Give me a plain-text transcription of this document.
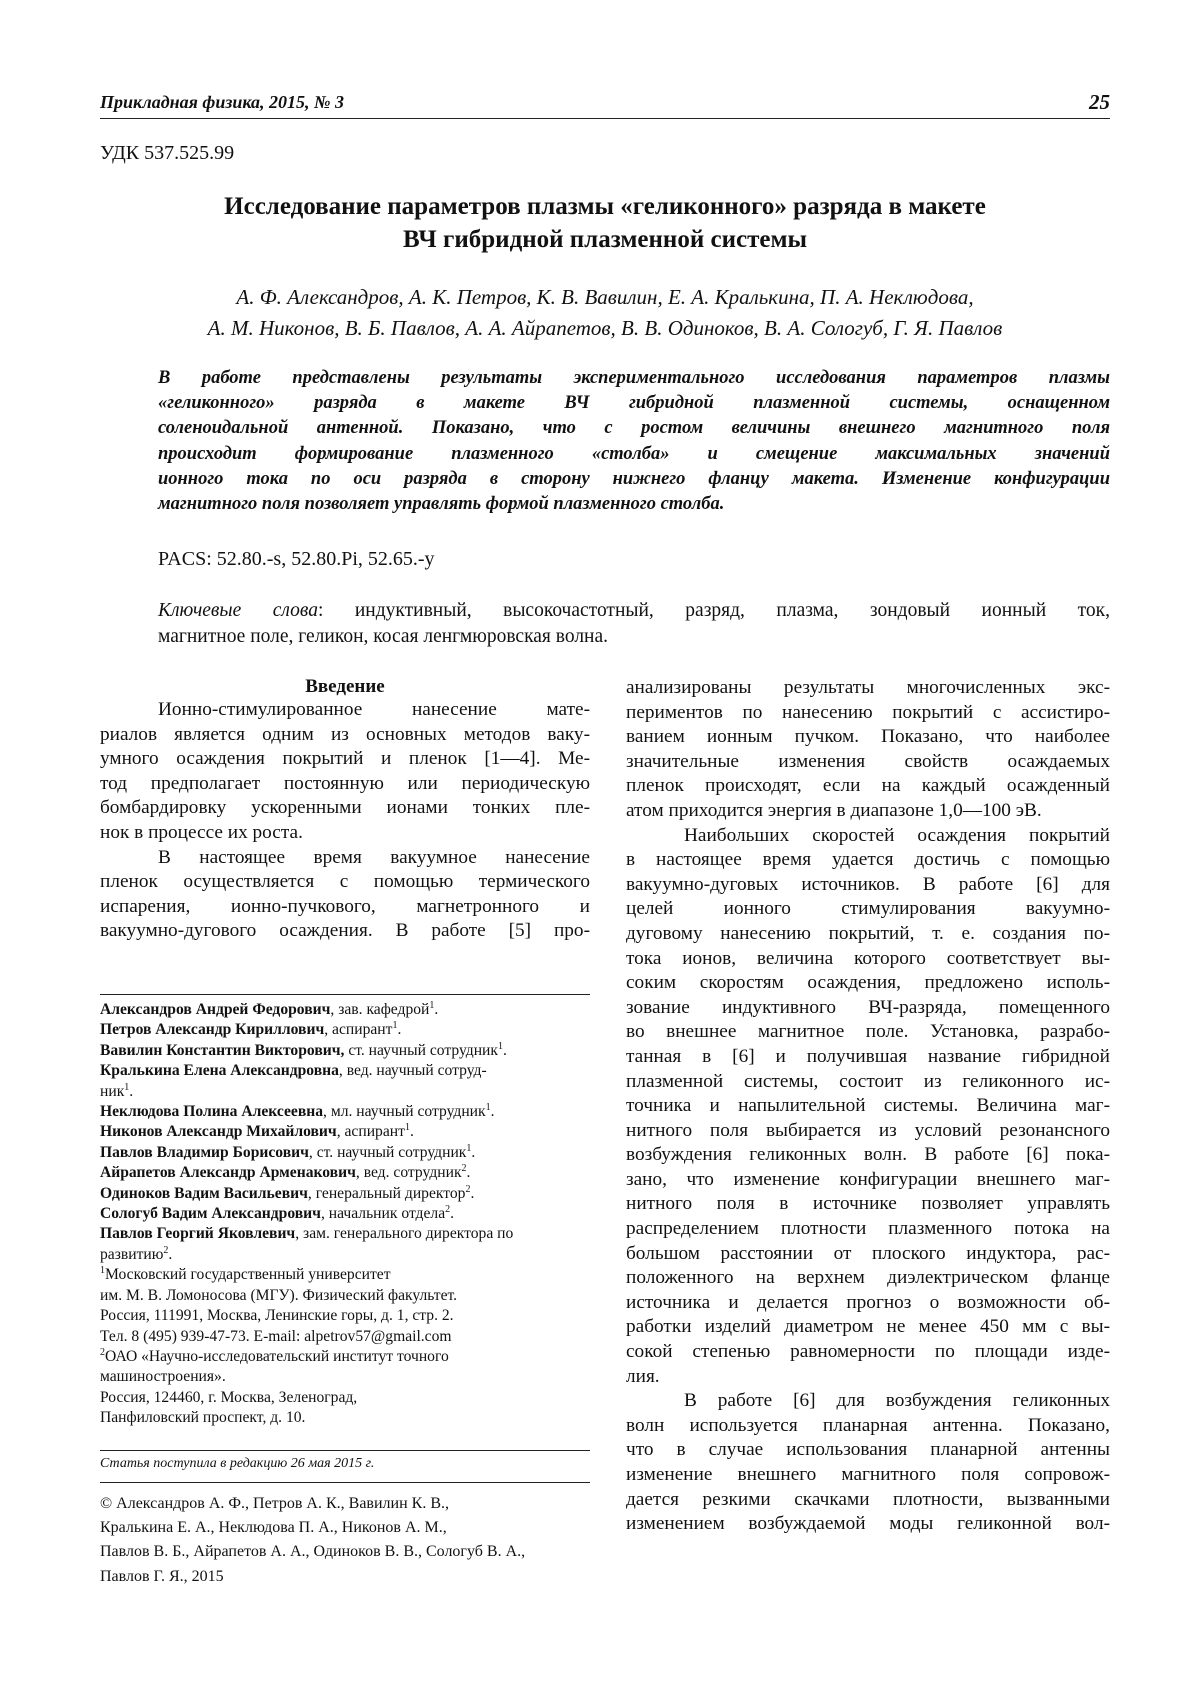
Прикладная физика, 2015, № 3	25
УДК 537.525.99
Исследование параметров плазмы «геликонного» разряда в макете
ВЧ гибридной плазменной системы
А. Ф. Александров, А. К. Петров, К. В. Вавилин, Е. А. Кралькина, П. А. Неклюдова,
А. М. Никонов, В. Б. Павлов, А. А. Айрапетов, В. В. Одиноков, В. А. Сологуб, Г. Я. Павлов
В работе представлены результаты экспериментального исследования параметров плазмы
«геликонного» разряда в макете ВЧ гибридной плазменной системы, оснащенном
соленоидальной антенной. Показано, что с ростом величины внешнего магнитного поля
происходит формирование плазменного «столба» и смещение максимальных значений
ионного тока по оси разряда в сторону нижнего фланцу макета. Изменение конфигурации
магнитного поля позволяет управлять формой плазменного столба.
PACS: 52.80.-s, 52.80.Pi, 52.65.-y
Ключевые слова: индуктивный, высокочастотный, разряд, плазма, зондовый ионный ток,
магнитное поле, геликон, косая ленгмюровская волна.
Введение
Ионно-стимулированное нанесение мате-
риалов является одним из основных методов ваку-
умного осаждения покрытий и пленок [1—4]. Ме-
тод предполагает постоянную или периодическую
бомбардировку ускоренными ионами тонких пле-
нок в процессе их роста.
В настоящее время вакуумное нанесение
пленок осуществляется с помощью термического
испарения, ионно-пучкового, магнетронного и
вакуумно-дугового осаждения. В работе [5] про-
анализированы результаты многочисленных экс-
периментов по нанесению покрытий с ассистиро-
ванием ионным пучком. Показано, что наиболее
значительные изменения свойств осаждаемых
пленок происходят, если на каждый осажденный
атом приходится энергия в диапазоне 1,0—100 эВ.
Наибольших скоростей осаждения покрытий
в настоящее время удается достичь с помощью
вакуумно-дуговых источников. В работе [6] для
целей ионного стимулирования вакуумно-
дуговому нанесению покрытий, т. е. создания по-
тока ионов, величина которого соответствует вы-
соким скоростям осаждения, предложено исполь-
зование индуктивного ВЧ-разряда, помещенного
во внешнее магнитное поле. Установка, разрабо-
танная в [6] и получившая название гибридной
плазменной системы, состоит из геликонного ис-
точника и напылительной системы. Величина маг-
нитного поля выбирается из условий резонансного
возбуждения геликонных волн. В работе [6] пока-
зано, что изменение конфигурации внешнего маг-
нитного поля в источнике позволяет управлять
распределением плотности плазменного потока на
большом расстоянии от плоского индуктора, рас-
положенного на верхнем диэлектрическом фланце
источника и делается прогноз о возможности об-
работки изделий диаметром не менее 450 мм с вы-
сокой степенью равномерности по площади изде-
лия.
В работе [6] для возбуждения геликонных
волн используется планарная антенна. Показано,
что в случае использования планарной антенны
изменение внешнего магнитного поля сопровож-
дается резкими скачками плотности, вызванными
изменением возбуждаемой моды геликонной вол-
Александров Андрей Федорович, зав. кафедрой$^1$.
Петров Александр Кириллович, аспирант$^1$.
Вавилин Константин Викторович, ст. научный сотрудник$^1$.
Кралькина Елена Александровна, вед. научный сотруд-
ник$^1$.
Неклюдова Полина Алексеевна, мл. научный сотрудник$^1$.
Никонов Александр Михайлович, аспирант$^1$.
Павлов Владимир Борисович, ст. научный сотрудник$^1$.
Айрапетов Александр Арменакович, вед. сотрудник$^2$.
Одиноков Вадим Васильевич, генеральный директор$^2$.
Сологуб Вадим Александрович, начальник отдела$^2$.
Павлов Георгий Яковлевич, зам. генерального директора по
развитию$^2$.
$^1$Московский государственный университет
им. М. В. Ломоносова (МГУ). Физический факультет.
Россия, 111991, Москва, Ленинские горы, д. 1, стр. 2.
Тел. 8 (495) 939-47-73. E-mail: alpetrov57@gmail.com
$^2$ОАО «Научно-исследовательский институт точного
машиностроения».
Россия, 124460, г. Москва, Зеленоград,
Панфиловский проспект, д. 10.
Статья поступила в редакцию 26 мая 2015 г.
© Александров А. Ф., Петров А. К., Вавилин К. В.,
Кралькина Е. А., Неклюдова П. А., Никонов А. М.,
Павлов В. Б., Айрапетов А. А., Одиноков В. В., Сологуб В. А.,
Павлов Г. Я., 2015
